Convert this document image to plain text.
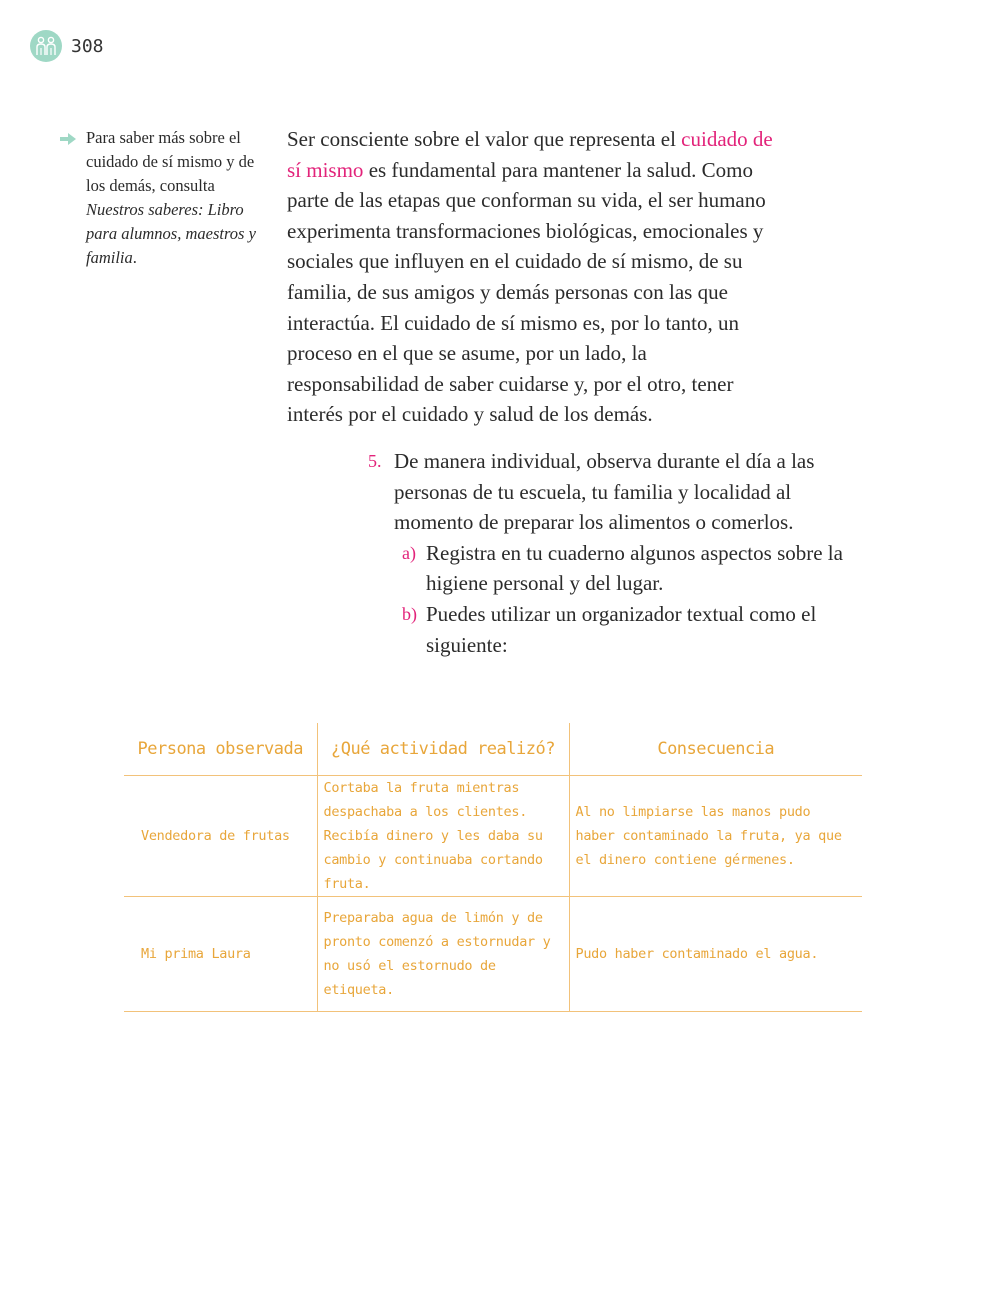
308

Para saber más sobre el cuidado de sí mismo y de los demás, consulta Nuestros saberes: Libro para alumnos, maestros y familia.

Ser consciente sobre el valor que representa el cuidado de sí mismo es fundamental para mantener la salud. Como parte de las etapas que conforman su vida, el ser humano experimenta transformaciones biológicas, emocionales y sociales que influyen en el cuidado de sí mismo, de su familia, de sus amigos y demás personas con las que interactúa. El cuidado de sí mismo es, por lo tanto, un proceso en el que se asume, por un lado, la responsabilidad de saber cuidarse y, por el otro, tener interés por el cuidado y salud de los demás.

5. De manera individual, observa durante el día a las personas de tu escuela, tu familia y localidad al momento de preparar los alimentos o comerlos.
a) Registra en tu cuaderno algunos aspectos sobre la higiene personal y del lugar.
b) Puedes utilizar un organizador textual como el siguiente:
Persona observada	¿Qué actividad realizó?	Consecuencia
Vendedora de frutas	Cortaba la fruta mientras despachaba a los clientes. Recibía dinero y les daba su cambio y continuaba cortando fruta.	Al no limpiarse las manos pudo haber contaminado la fruta, ya que el dinero contiene gérmenes.
Mi prima Laura	Preparaba agua de limón y de pronto comenzó a estornudar y no usó el estornudo de etiqueta.	Pudo haber contaminado el agua.
